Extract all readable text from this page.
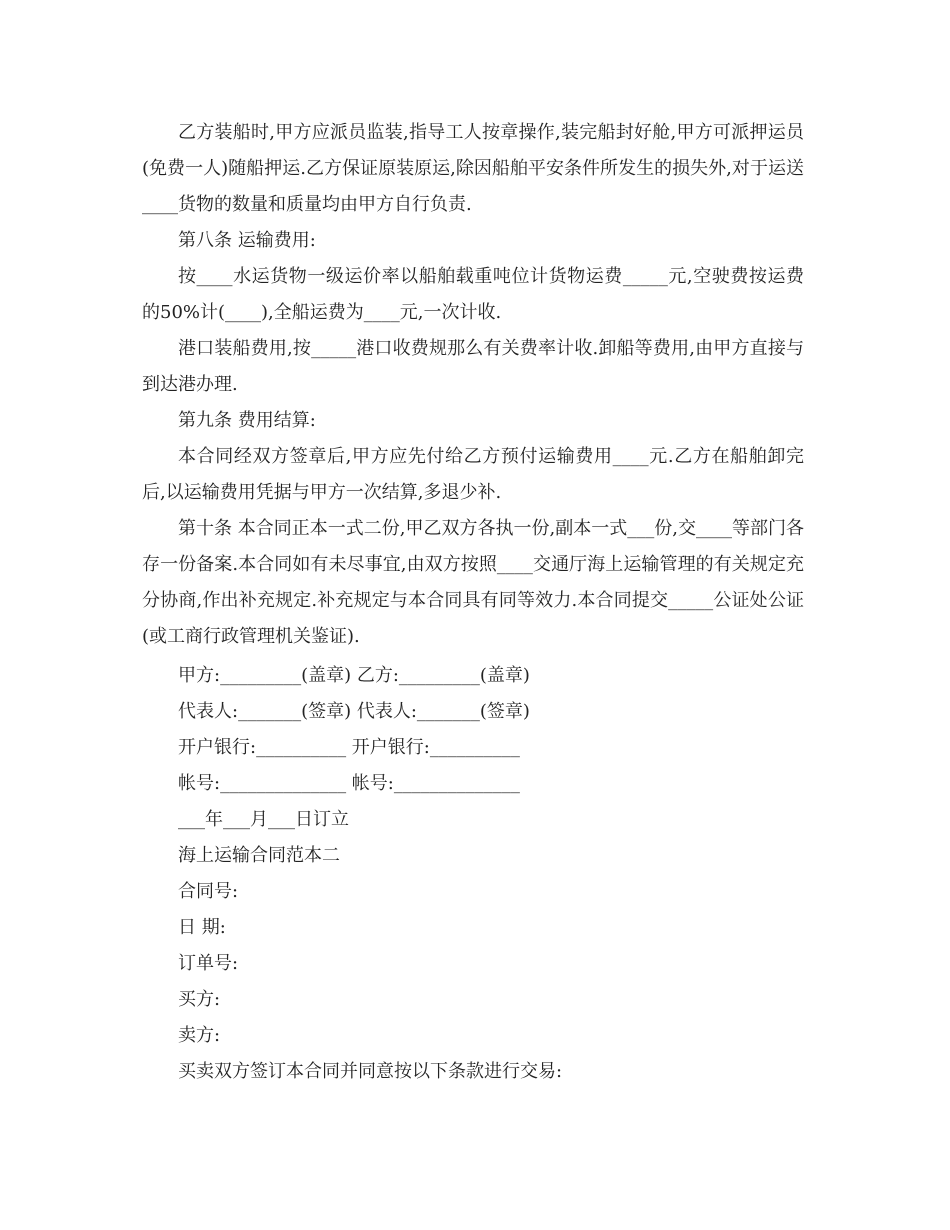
乙方装船时,甲方应派员监装,指导工人按章操作,装完船封好舱,甲方可派押运员(免费一人)随船押运.乙方保证原装原运,除因船舶平安条件所发生的损失外,对于运送____货物的数量和质量均由甲方自行负责.

第八条 运输费用:

按____水运货物一级运价率以船舶载重吨位计货物运费_____元,空驶费按运费的50%计(____),全船运费为____元,一次计收.

港口装船费用,按_____港口收费规那么有关费率计收.卸船等费用,由甲方直接与到达港办理.

第九条 费用结算:

本合同经双方签章后,甲方应先付给乙方预付运输费用____元.乙方在船舶卸完后,以运输费用凭据与甲方一次结算,多退少补.

第十条 本合同正本一式二份,甲乙双方各执一份,副本一式___份,交____等部门各存一份备案.本合同如有未尽事宜,由双方按照____交通厅海上运输管理的有关规定充分协商,作出补充规定.补充规定与本合同具有同等效力.本合同提交_____公证处公证(或工商行政管理机关鉴证).

甲方:_________(盖章) 乙方:_________(盖章)

代表人:_______(签章) 代表人:_______(签章)

开户银行:__________ 开户银行:__________

帐号:______________ 帐号:______________

___年___月___日订立

海上运输合同范本二

合同号:

日 期:

订单号:

买方:

卖方:

买卖双方签订本合同并同意按以下条款进行交易:
